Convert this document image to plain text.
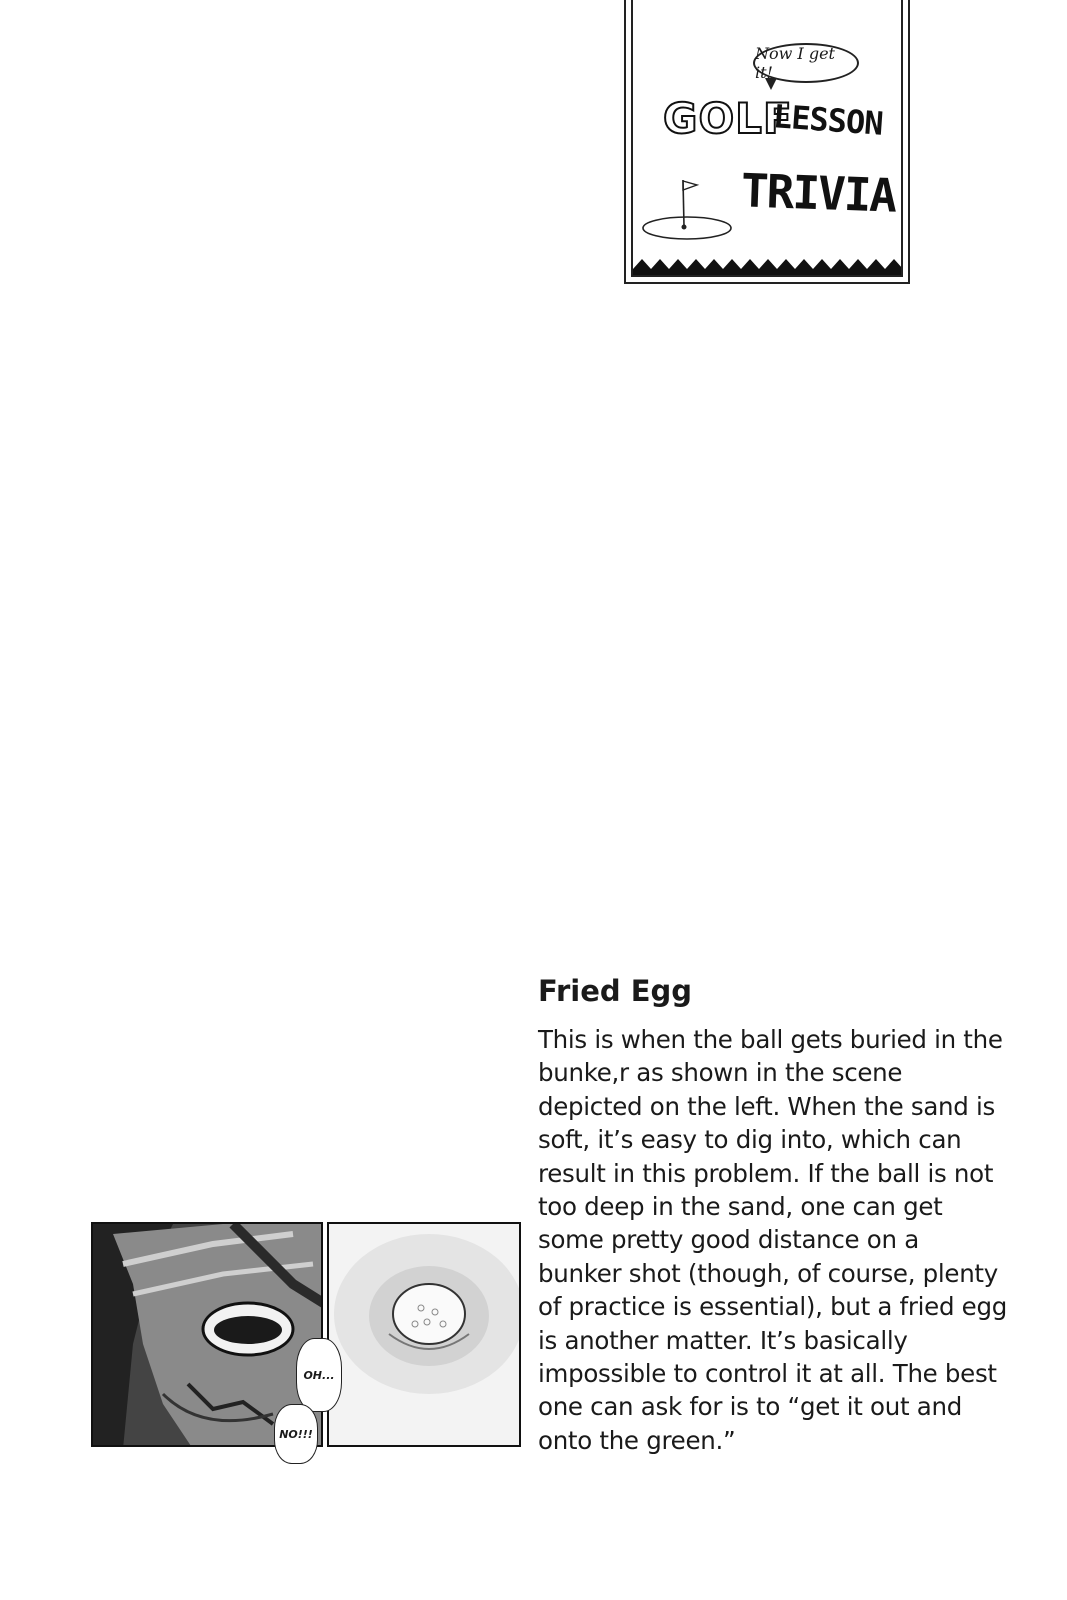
Now I get it!
GOLF
LESSON
TRIVIA
Fried Egg

This is when the ball gets buried in the bunke,r as shown in the scene depicted on the left. When the sand is soft, it’s easy to dig into, which can result in this problem. If the ball is not too deep in the sand, one can get some pretty good distance on a bunker shot (though, of course, plenty of practice is essential), but a fried egg is another matter. It’s basically impossible to control it at all. The best one can ask for is to “get it out and onto the green.”

OH...
NO!!!
